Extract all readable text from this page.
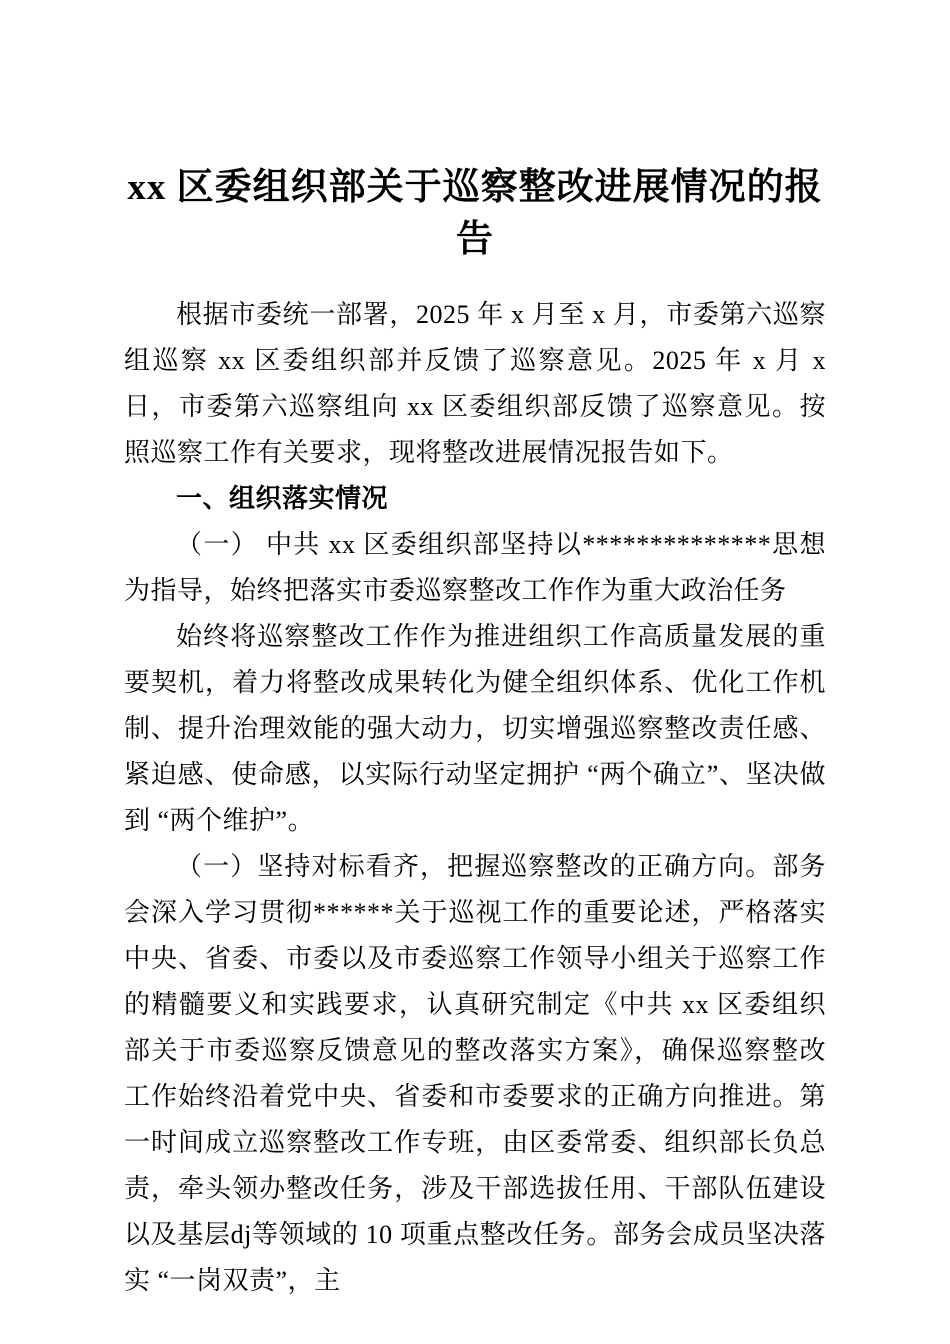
xx 区委组织部关于巡察整改进展情况的报告

根据市委统一部署，2025 年 x 月至 x 月，市委第六巡察组巡察 xx 区委组织部并反馈了巡察意见。2025 年 x 月 x 日，市委第六巡察组向 xx 区委组织部反馈了巡察意见。按照巡察工作有关要求，现将整改进展情况报告如下。

一、组织落实情况

（一） 中共 xx 区委组织部坚持以**************思想为指导，始终把落实市委巡察整改工作作为重大政治任务

始终将巡察整改工作作为推进组织工作高质量发展的重要契机，着力将整改成果转化为健全组织体系、优化工作机制、提升治理效能的强大动力，切实增强巡察整改责任感、紧迫感、使命感，以实际行动坚定拥护 “两个确立”、坚决做到 “两个维护”。

（一）坚持对标看齐，把握巡察整改的正确方向。部务会深入学习贯彻******关于巡视工作的重要论述，严格落实中央、省委、市委以及市委巡察工作领导小组关于巡察工作的精髓要义和实践要求，认真研究制定《中共 xx 区委组织部关于市委巡察反馈意见的整改落实方案》，确保巡察整改工作始终沿着党中央、省委和市委要求的正确方向推进。第一时间成立巡察整改工作专班，由区委常委、组织部长负总责，牵头领办整改任务，涉及干部选拔任用、干部队伍建设以及基层dj等领域的 10 项重点整改任务。部务会成员坚决落实 “一岗双责”，主
